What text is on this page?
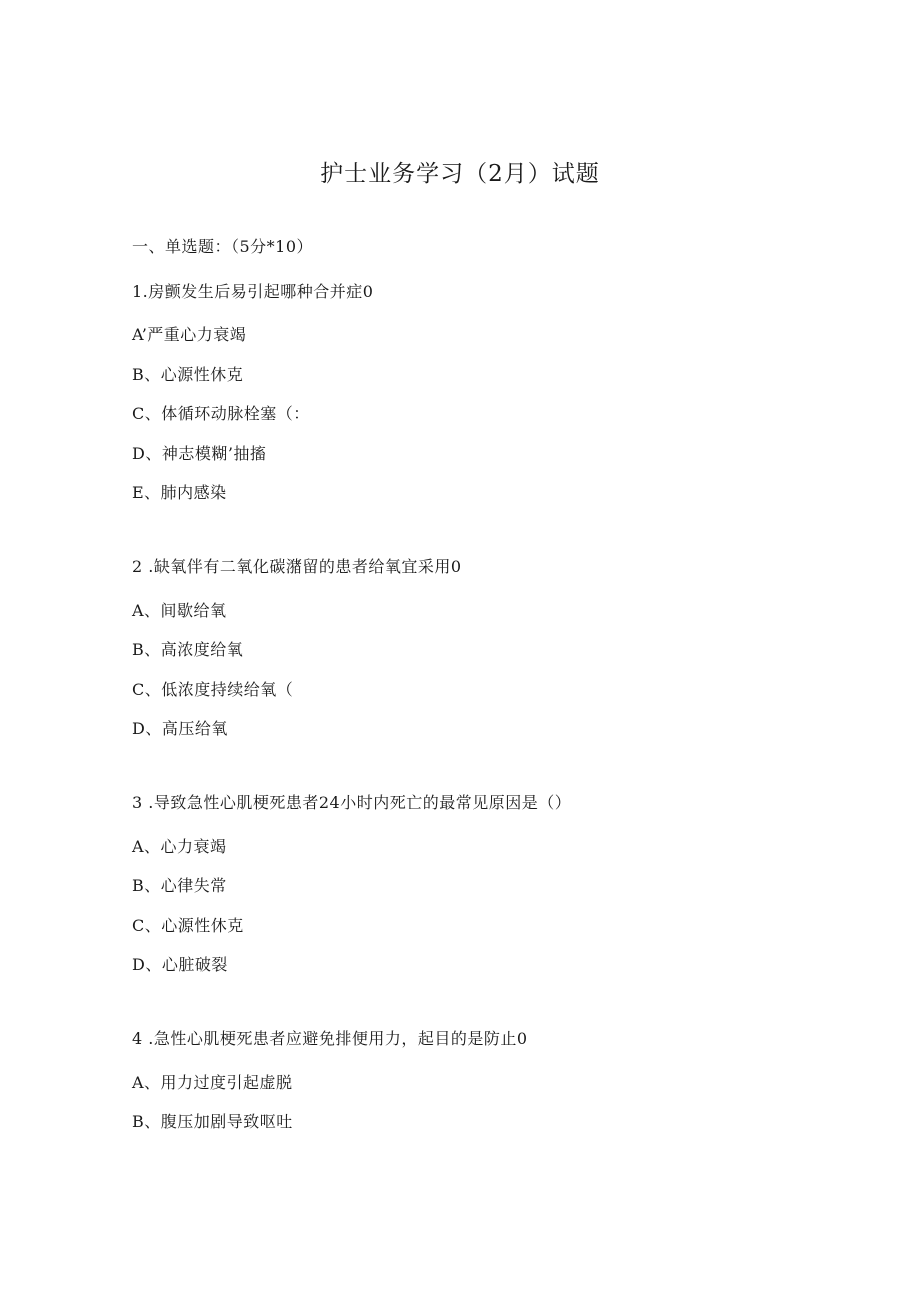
护士业务学习（2月）试题
一、单选题：（5分*10）
1.房颤发生后易引起哪种合并症0
A’严重心力衰竭
B、心源性休克
C、体循环动脉栓塞（：
D、神志模糊’抽搐
E、肺内感染
2 .缺氧伴有二氧化碳潴留的患者给氧宜采用0
A、间歇给氧
B、高浓度给氧
C、低浓度持续给氧（
D、高压给氧
3 .导致急性心肌梗死患者24小时内死亡的最常见原因是（）
A、心力衰竭
B、心律失常
C、心源性休克
D、心脏破裂
4 .急性心肌梗死患者应避免排便用力，起目的是防止0
A、用力过度引起虚脱
B、腹压加剧导致呕吐
